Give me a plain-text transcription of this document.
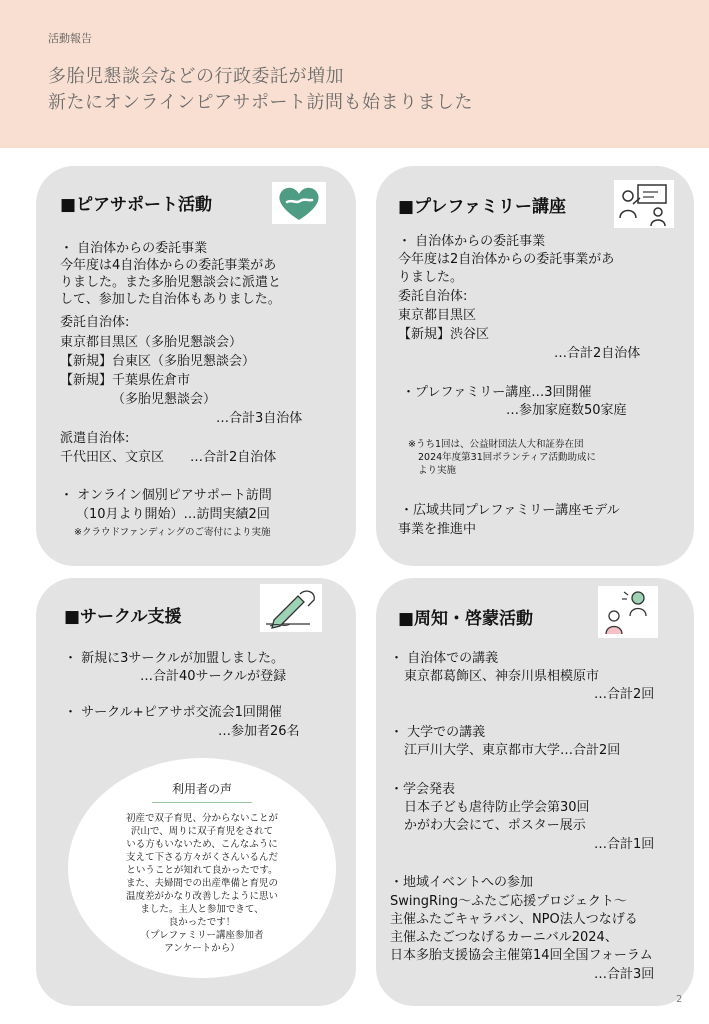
活動報告
多胎児懇談会などの行政委託が増加
新たにオンラインピアサポート訪問も始まりました
■ピアサポート活動
・ 自治体からの委託事業
今年度は4自治体からの委託事業があ
りました。また多胎児懇談会に派遣と
して、参加した自治体もありました。
委託自治体:
東京都目黒区（多胎児懇談会）
【新規】台東区（多胎児懇談会）
【新規】千葉県佐倉市
（多胎児懇談会）
…合計3自治体
派遣自治体:
千代田区、文京区　　…合計2自治体
・ オンライン個別ピアサポート訪問
（10月より開始）…訪問実績2回
※クラウドファンディングのご寄付により実施
■プレファミリー講座
・ 自治体からの委託事業
今年度は2自治体からの委託事業があ
りました。
委託自治体:
東京都目黒区
【新規】渋谷区
…合計2自治体
・プレファミリー講座…3回開催
…参加家庭数50家庭
※うち1回は、公益財団法人大和証券在団
2024年度第31回ボランティア活動助成に
より実施
・広域共同プレファミリー講座モデル
事業を推進中
■サークル支援
・ 新規に3サークルが加盟しました。
…合計40サークルが登録
・ サークル+ピアサポ交流会1回開催
…参加者26名
利用者の声
初産で双子育児、分からないことが
沢山で、周りに双子育児をされて
いる方もいないため、こんなふうに
支えて下さる方々がくさんいるんだ
ということが知れて良かったです。
また、夫婦間での出産準備と育児の
温度差がかなり改善したように思い
ました。主人と参加できて、
良かったです！
（プレファミリー講座参加者
アンケートから）
■周知・啓蒙活動
・ 自治体での講義
東京都葛飾区、神奈川県相模原市
…合計2回
・ 大学での講義
江戸川大学、東京都市大学…合計2回
・学会発表
日本子ども虐待防止学会第30回
かがわ大会にて、ポスター展示
…合計1回
・地域イベントへの参加
SwingRing～ふたご応援プロジェクト～
主催ふたごキャラバン、NPO法人つなげる
主催ふたごつなげるカーニバル2024、
日本多胎支援協会主催第14回全国フォーラム
…合計3回
2
